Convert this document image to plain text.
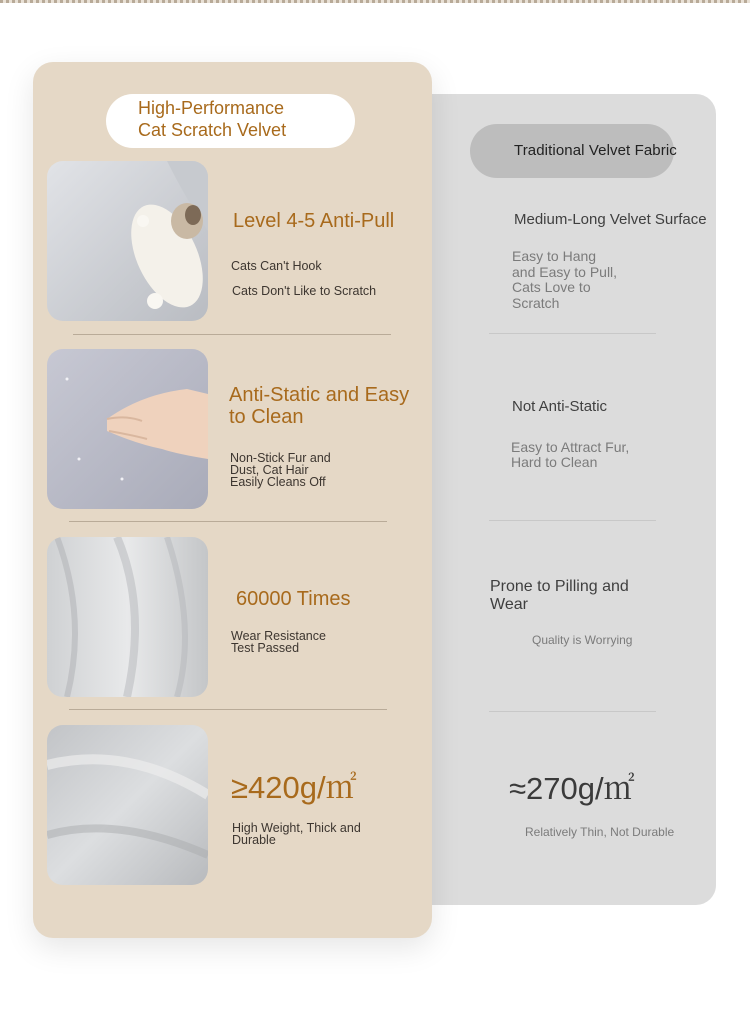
Traditional Velvet Fabric
Medium-Long Velvet Surface
Easy to Hang
and Easy to Pull,
Cats Love to
Scratch
Not Anti-Static
Easy to Attract Fur,
Hard to Clean
Prone to Pilling and
Wear
Quality is Worrying
≈270g/㎡
Relatively Thin, Not Durable
High-Performance
Cat Scratch Velvet
Level 4-5 Anti-Pull
Cats Can't Hook
Cats Don't Like to Scratch
Anti-Static and Easy
to Clean
Non-Stick Fur and
Dust, Cat Hair
Easily Cleans Off
60000 Times
Wear Resistance
Test Passed
≥420g/㎡
High Weight, Thick and
Durable
